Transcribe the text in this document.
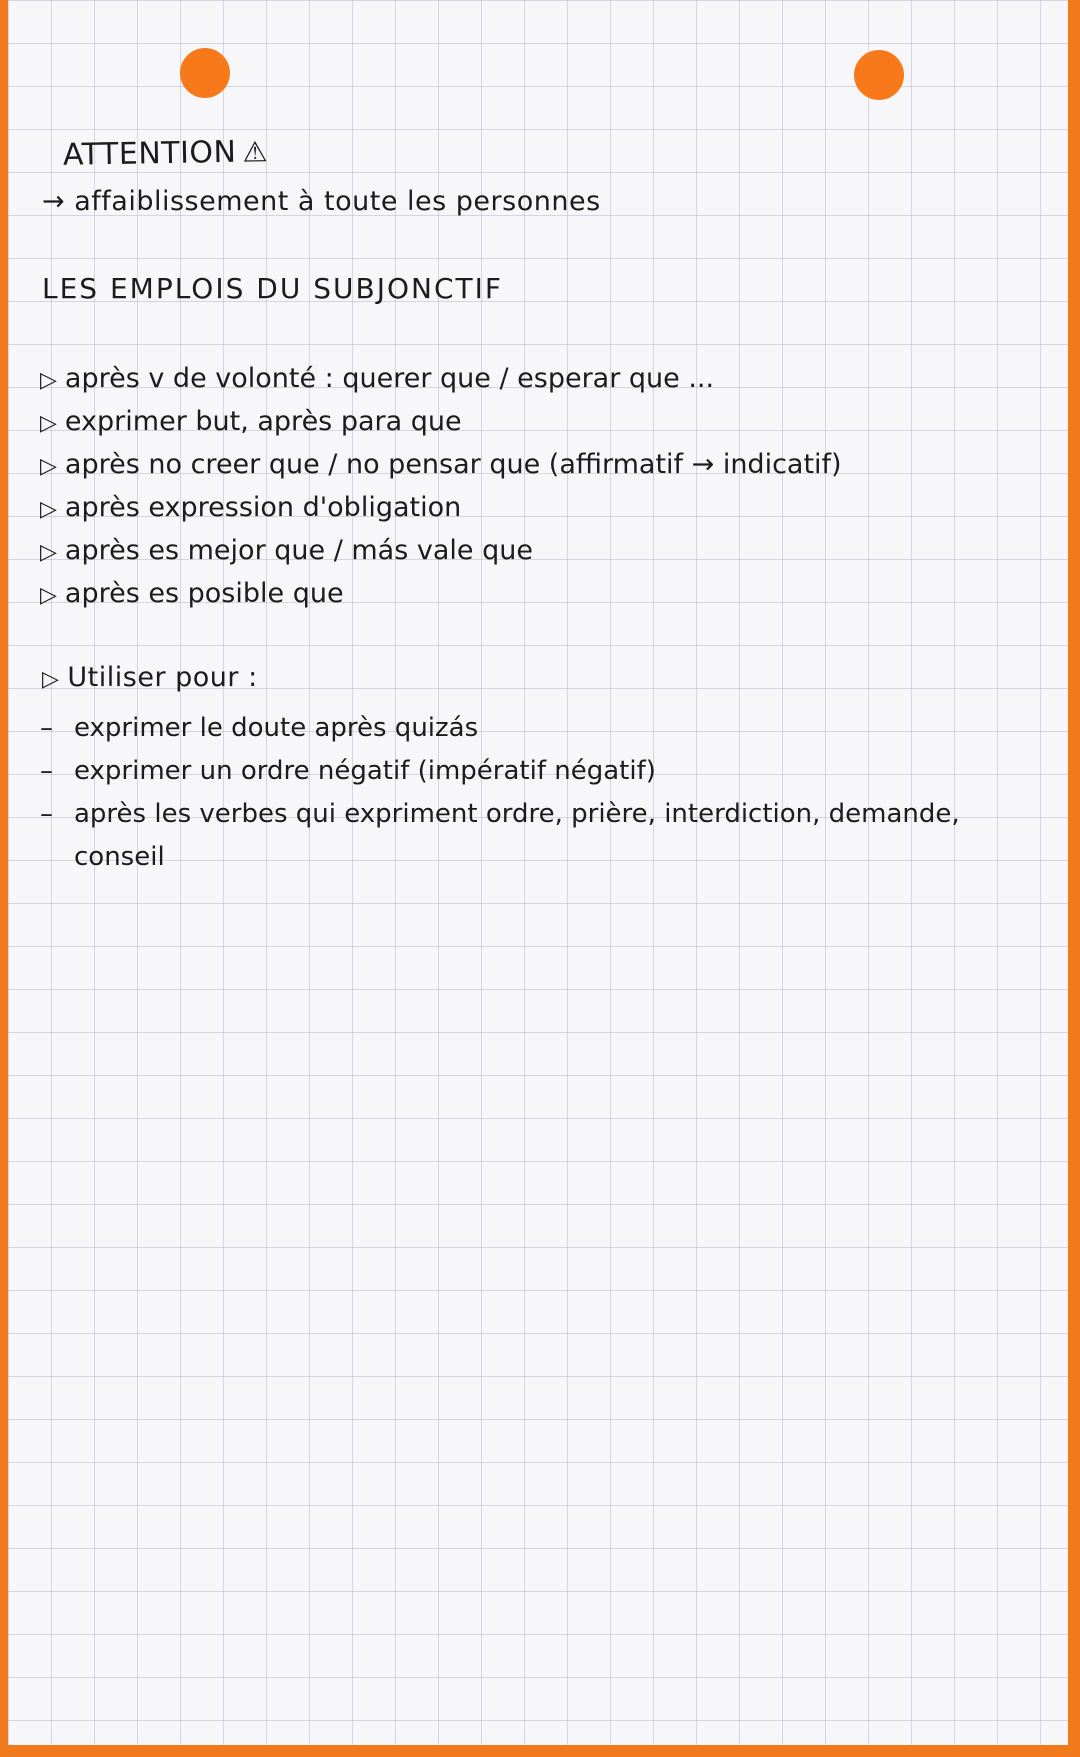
ATTENTION ⚠
→ affaiblissement à toute les personnes
LES EMPLOIS DU SUBJONCTIF
▷ après v de volonté : querer que / esperar que ...
▷ exprimer but, après para que
▷ après no creer que / no pensar que (affirmatif → indicatif)
▷ après expression d'obligation
▷ après es mejor que / más vale que
▷ après es posible que
▷ Utiliser pour :
– exprimer le doute après quizás
– exprimer un ordre négatif (impératif négatif)
– après les verbes qui expriment ordre, prière, interdiction, demande,
conseil
